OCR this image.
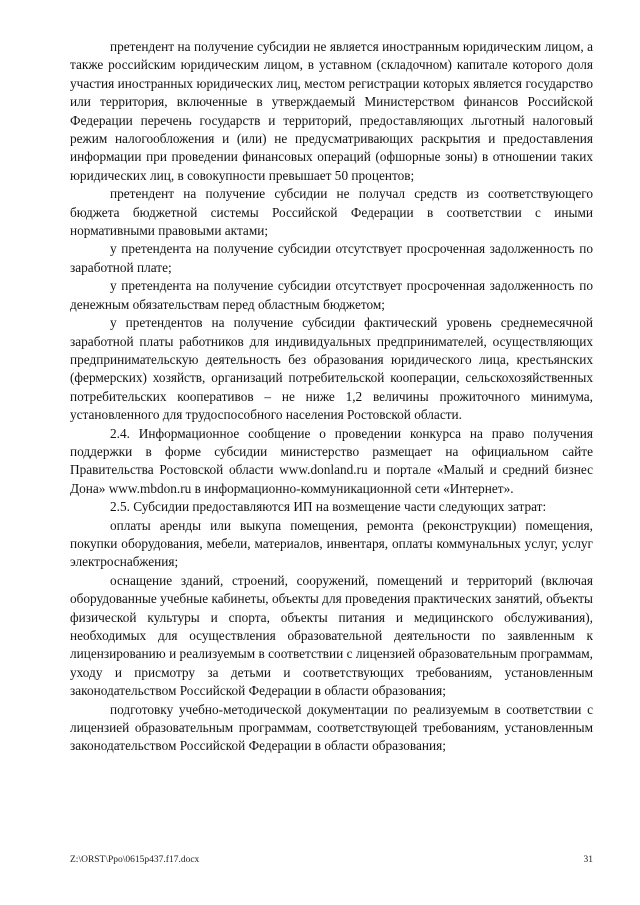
претендент на получение субсидии не является иностранным юридическим лицом, а также российским юридическим лицом, в уставном (складочном) капитале которого доля участия иностранных юридических лиц, местом регистрации которых является государство или территория, включенные в утверждаемый Министерством финансов Российской Федерации перечень государств и территорий, предоставляющих льготный налоговый режим налогообложения и (или) не предусматривающих раскрытия и предоставления информации при проведении финансовых операций (офшорные зоны) в отношении таких юридических лиц, в совокупности превышает 50 процентов;

претендент на получение субсидии не получал средств из соответствующего бюджета бюджетной системы Российской Федерации в соответствии с иными нормативными правовыми актами;

у претендента на получение субсидии отсутствует просроченная задолженность по заработной плате;

у претендента на получение субсидии отсутствует просроченная задолженность по денежным обязательствам перед областным бюджетом;

у претендентов на получение субсидии фактический уровень среднемесячной заработной платы работников для индивидуальных предпринимателей, осуществляющих предпринимательскую деятельность без образования юридического лица, крестьянских (фермерских) хозяйств, организаций потребительской кооперации, сельскохозяйственных потребительских кооперативов – не ниже 1,2 величины прожиточного минимума, установленного для трудоспособного населения Ростовской области.

2.4. Информационное сообщение о проведении конкурса на право получения поддержки в форме субсидии министерство размещает на официальном сайте Правительства Ростовской области www.donland.ru и портале «Малый и средний бизнес Дона» www.mbdon.ru в информационно-коммуникационной сети «Интернет».

2.5. Субсидии предоставляются ИП на возмещение части следующих затрат:

оплаты аренды или выкупа помещения, ремонта (реконструкции) помещения, покупки оборудования, мебели, материалов, инвентаря, оплаты коммунальных услуг, услуг электроснабжения;

оснащение зданий, строений, сооружений, помещений и территорий (включая оборудованные учебные кабинеты, объекты для проведения практических занятий, объекты физической культуры и спорта, объекты питания и медицинского обслуживания), необходимых для осуществления образовательной деятельности по заявленным к лицензированию и реализуемым в соответствии с лицензией образовательным программам, уходу и присмотру за детьми и соответствующих требованиям, установленным законодательством Российской Федерации в области образования;

подготовку учебно-методической документации по реализуемым в соответствии с лицензией образовательным программам, соответствующей требованиям, установленным законодательством Российской Федерации в области образования;

Z:\ORST\Ppo\0615p437.f17.docx	31
